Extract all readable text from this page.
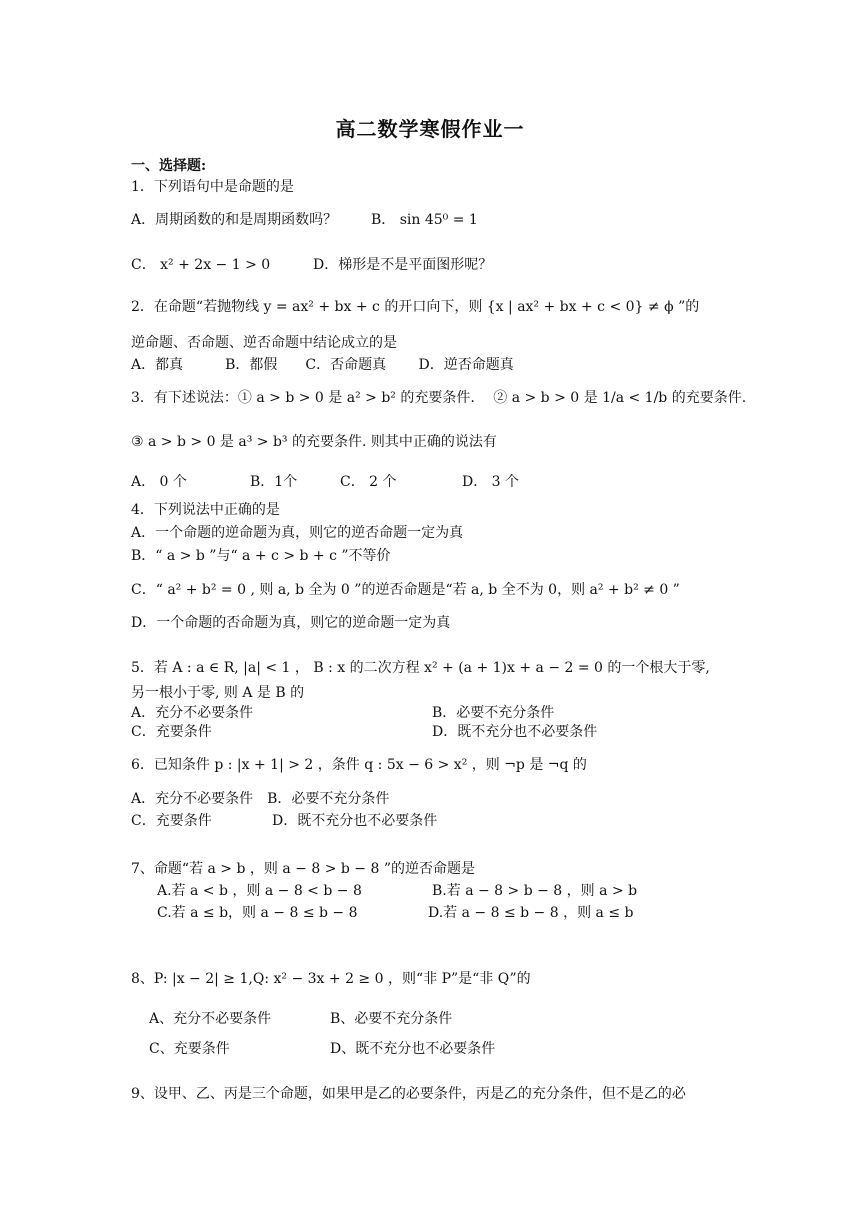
高二数学寒假作业一
一、选择题:
1．下列语句中是命题的是
A．周期函数的和是周期函数吗？ B． sin 45⁰ = 1
C． x² + 2x − 1 > 0	D．梯形是不是平面图形呢？
2．在命题“若抛物线 y = ax² + bx + c 的开口向下，则 {x | ax² + bx + c < 0} ≠ ϕ ”的
逆命题、否命题、逆否命题中结论成立的是
A．都真　　　B．都假　　C．否命题真　　 D．逆否命题真
3．有下述说法：① a > b > 0 是 a² > b² 的充要条件.　 ② a > b > 0 是 1/a < 1/b 的充要条件.
③ a > b > 0 是 a³ > b³ 的充要条件. 则其中正确的说法有
A． 0 个	B．1个	C． 2 个	D． 3 个
4．下列说法中正确的是
A．一个命题的逆命题为真，则它的逆否命题一定为真
B．“ a > b ”与“ a + c > b + c ”不等价
C．“ a² + b² = 0 , 则 a, b 全为 0 ”的逆否命题是“若 a, b 全不为 0，则 a² + b² ≠ 0 ”
D．一个命题的否命题为真，则它的逆命题一定为真
5．若 A : a ∈ R, |a| < 1 ， B : x 的二次方程 x² + (a + 1)x + a − 2 = 0 的一个根大于零,
另一根小于零, 则 A 是 B 的
A．充分不必要条件	B．必要不充分条件
C．充要条件	D．既不充分也不必要条件
6．已知条件 p : |x + 1| > 2 ，条件 q : 5x − 6 > x² ，则 ¬p 是 ¬q 的
A．充分不必要条件　B．必要不充分条件
C．充要条件	D．既不充分也不必要条件
7、命题“若 a > b ，则 a − 8 > b − 8 ”的逆否命题是
A.若 a < b ，则 a − 8 < b − 8	B.若 a − 8 > b − 8 ，则 a > b
C.若 a ≤ b，则 a − 8 ≤ b − 8	D.若 a − 8 ≤ b − 8 ，则 a ≤ b
8、P: |x − 2| ≥ 1,Q: x² − 3x + 2 ≥ 0 ，则“非 P”是“非 Q”的
A、充分不必要条件	B、必要不充分条件
C、充要条件	D、既不充分也不必要条件
9、设甲、乙、丙是三个命题，如果甲是乙的必要条件，丙是乙的充分条件，但不是乙的必
